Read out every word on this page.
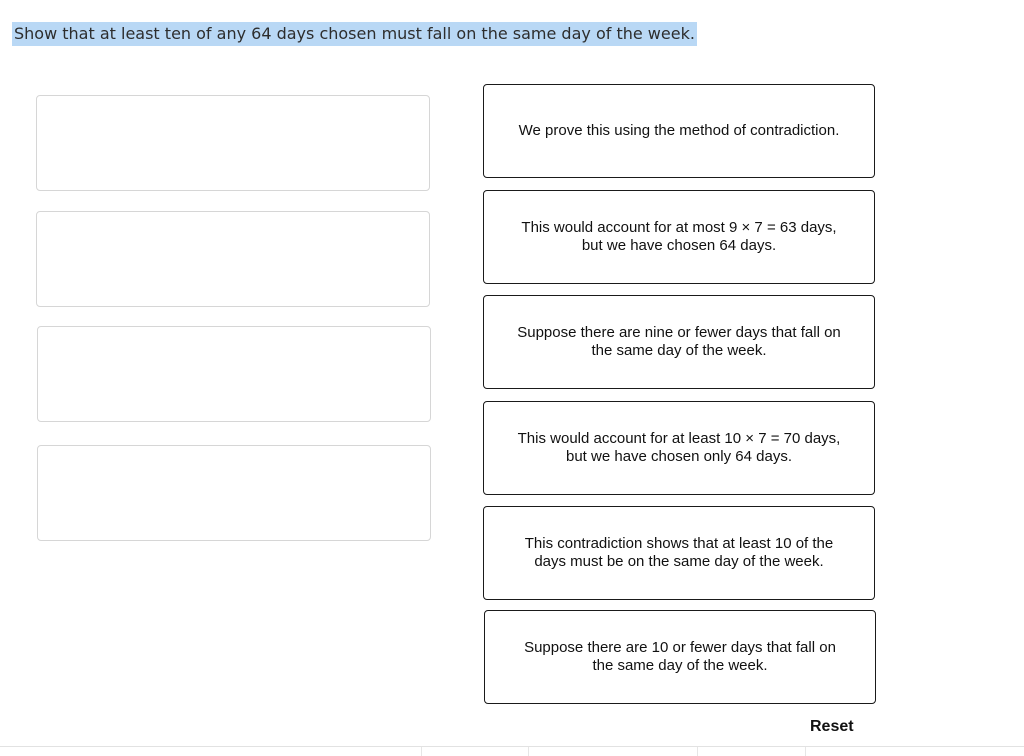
Show that at least ten of any 64 days chosen must fall on the same day of the week.
We prove this using the method of contradiction.
This would account for at most 9 × 7 = 63 days,
but we have chosen 64 days.
Suppose there are nine or fewer days that fall on
the same day of the week.
This would account for at least 10 × 7 = 70 days,
but we have chosen only 64 days.
This contradiction shows that at least 10 of the
days must be on the same day of the week.
Suppose there are 10 or fewer days that fall on
the same day of the week.
Reset
